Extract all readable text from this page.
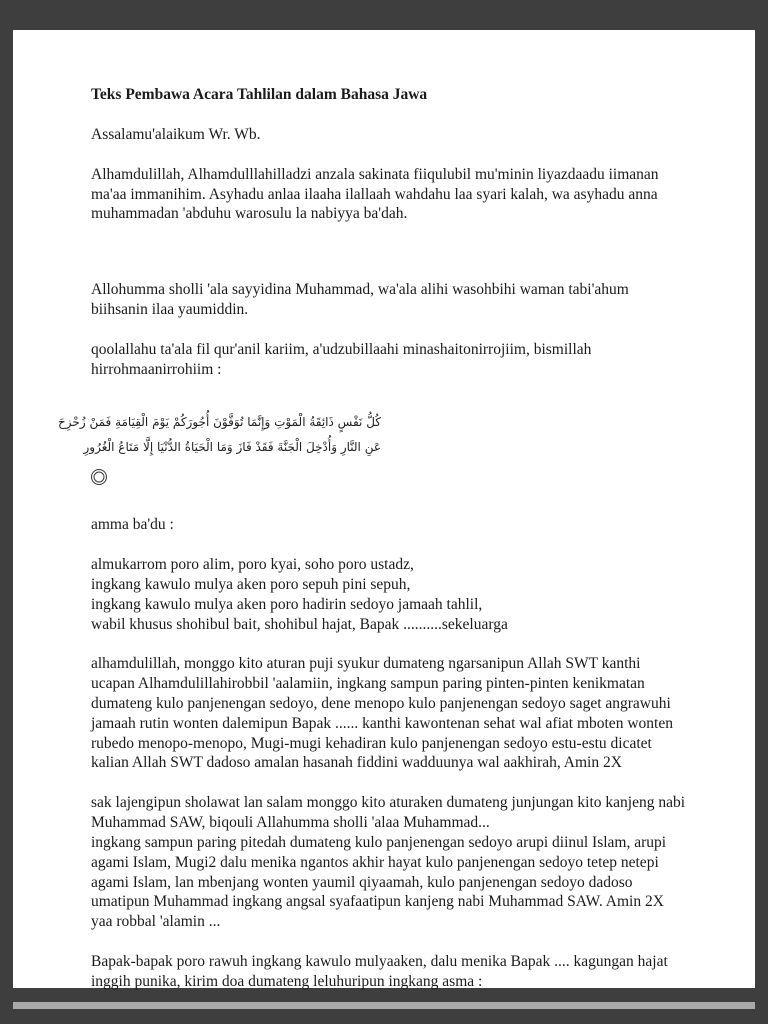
Teks Pembawa Acara Tahlilan dalam Bahasa Jawa

Assalamu'alaikum Wr. Wb.

Alhamdulillah, Alhamdulllahilladzi anzala sakinata fiiqulubil mu'minin liyazdaadu iimanan ma'aa immanihim. Asyhadu anlaa ilaaha ilallaah wahdahu laa syari kalah, wa asyhadu anna muhammadan 'abduhu warosulu la nabiyya ba'dah.

Allohumma sholli 'ala sayyidina Muhammad, wa'ala alihi wasohbihi waman tabi'ahum biihsanin ilaa yaumiddin.

qoolallahu ta'ala fil qur'anil kariim, a'udzubillaahi minashaitonirrojiim, bismillah hirrohmaanirrohiim :

كُلُّ نَفْسٍ ذَائِقَةُ الْمَوْتِ وَإِنَّمَا تُوَفَّوْنَ أُجُورَكُمْ يَوْمَ الْقِيَامَةِ فَمَنْ زُحْزِحَ
عَنِ النَّارِ وَأُدْخِلَ الْجَنَّةَ فَقَدْ فَازَ وَمَا الْحَيَاةُ الدُّنْيَا إِلَّا مَتَاعُ الْغُرُورِ

amma ba'du :

almukarrom poro alim, poro kyai, soho poro ustadz,
ingkang kawulo mulya aken poro sepuh pini sepuh,
ingkang kawulo mulya aken poro hadirin sedoyo jamaah tahlil,
wabil khusus shohibul bait, shohibul hajat, Bapak ..........sekeluarga

alhamdulillah, monggo kito aturan puji syukur dumateng ngarsanipun Allah SWT kanthi ucapan Alhamdulillahirobbil 'aalamiin, ingkang sampun paring pinten-pinten kenikmatan dumateng kulo panjenengan sedoyo, dene menopo kulo panjenengan sedoyo saget angrawuhi jamaah rutin wonten dalemipun Bapak ...... kanthi kawontenan sehat wal afiat mboten wonten rubedo menopo-menopo, Mugi-mugi kehadiran kulo panjenengan sedoyo estu-estu dicatet kalian Allah SWT dadoso amalan hasanah fiddini wadduunya wal aakhirah, Amin 2X

sak lajengipun sholawat lan salam monggo kito aturaken dumateng junjungan kito kanjeng nabi Muhammad SAW, biqouli Allahumma sholli 'alaa Muhammad...
ingkang sampun paring pitedah dumateng kulo panjenengan sedoyo arupi diinul Islam, arupi agami Islam, Mugi2 dalu menika ngantos akhir hayat kulo panjenengan sedoyo tetep netepi agami Islam, lan mbenjang wonten yaumil qiyaamah, kulo panjenengan sedoyo dadoso umatipun Muhammad ingkang angsal syafaatipun kanjeng nabi Muhammad SAW. Amin 2X yaa robbal 'alamin ...

Bapak-bapak poro rawuh ingkang kawulo mulyaaken, dalu menika Bapak .... kagungan hajat inggih punika, kirim doa dumateng leluhuripun ingkang asma :
